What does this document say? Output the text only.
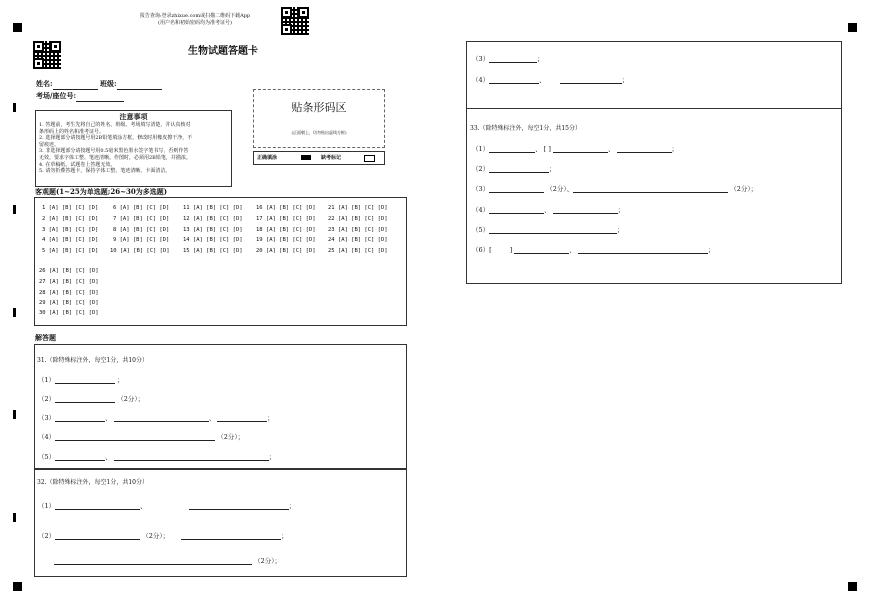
报告查询:登录zhixue.com或扫描二维码下载App
(用户名和初始密码均为准考证号)
生物试题答题卡
姓名:	班级:
考场/座位号:
注意事项
1. 答题前，考生先将自己的姓名、班级、考场填写清楚，并认真核对
条形码上的姓名和准考证号。
2. 选择题部分请按题号用2B铅笔填涂方框，修改时用橡皮擦干净，不
留痕迹。
3. 非选择题部分请按题号用0.5毫米黑色墨水签字笔书写，否则作答
无效。要求字体工整、笔迹清晰。作图时，必须用2B铅笔，并描浓。
4. 在草稿纸、试题卷上答题无效。
5. 请勿折叠答题卡，保持字体工整、笔迹清晰、卡面清洁。
贴条形码区
(正面朝上，切勿贴出虚线方框)
正确填涂	缺考标记
客观题(1~25为单选题;26~30为多选题)
1 [A] [B] [C] [D]
2 [A] [B] [C] [D]
3 [A] [B] [C] [D]
4 [A] [B] [C] [D]
5 [A] [B] [C] [D]
6 [A] [B] [C] [D]
7 [A] [B] [C] [D]
8 [A] [B] [C] [D]
9 [A] [B] [C] [D]
10 [A] [B] [C] [D]
11 [A] [B] [C] [D]
12 [A] [B] [C] [D]
13 [A] [B] [C] [D]
14 [A] [B] [C] [D]
15 [A] [B] [C] [D]
16 [A] [B] [C] [D]
17 [A] [B] [C] [D]
18 [A] [B] [C] [D]
19 [A] [B] [C] [D]
20 [A] [B] [C] [D]
21 [A] [B] [C] [D]
22 [A] [B] [C] [D]
23 [A] [B] [C] [D]
24 [A] [B] [C] [D]
25 [A] [B] [C] [D]
26 [A] [B] [C] [D]
27 [A] [B] [C] [D]
28 [A] [B] [C] [D]
29 [A] [B] [C] [D]
30 [A] [B] [C] [D]
解答题
31.（除特殊标注外，每空1分，共10分）
（1）	；
（2）	（2分）；
（3）	、	、	；
（4）	（2分）；
（5）	、	；
32.（除特殊标注外，每空1分，共10分）
（1）	、	；
（2）	（2分）；	；
（2分）；
（3）	；
（4）	、	；
33.（除特殊标注外，每空1分，共15分）
（1）	、 [ ]	、	；
（2）	；
（3）	（2分）、	（2分）；
（4）	、	；
（5）	；
（6）[	]	、	；
